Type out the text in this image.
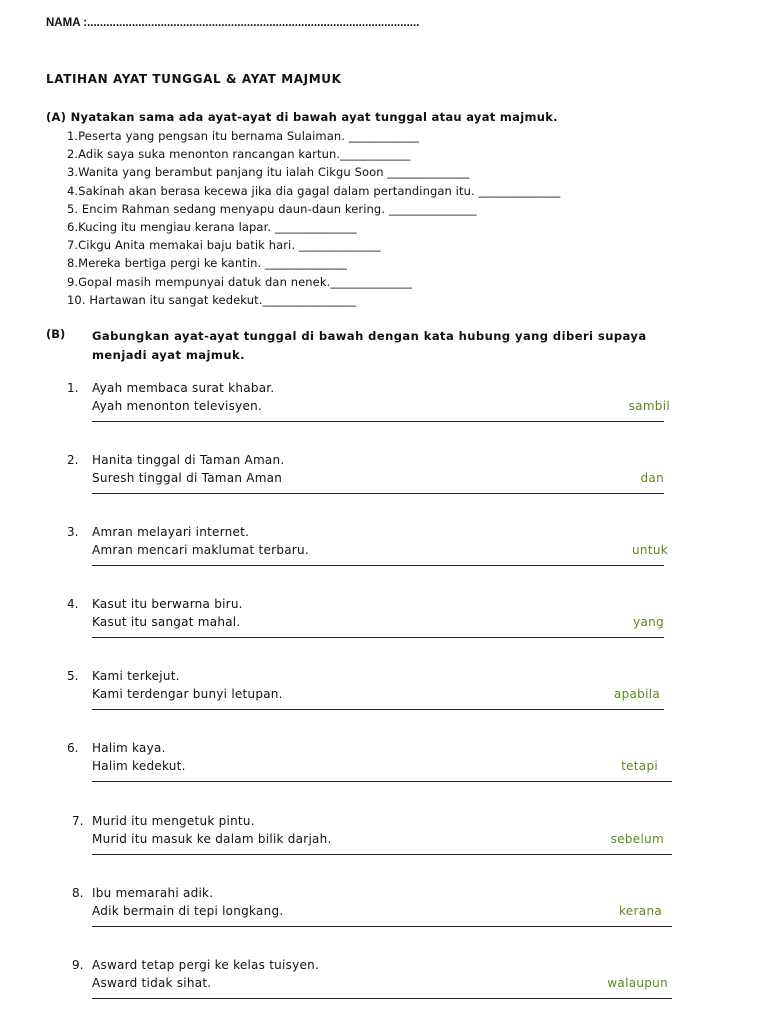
NAMA :........................................................................................................
LATIHAN AYAT TUNGGAL & AYAT MAJMUK
(A) Nyatakan sama ada ayat-ayat di bawah ayat tunggal atau ayat majmuk.
1.Peserta yang pengsan itu bernama Sulaiman. ____________
2.Adik saya suka menonton rancangan kartun.____________
3.Wanita yang berambut panjang itu ialah Cikgu Soon ______________
4.Sakinah akan berasa kecewa jika dia gagal dalam pertandingan itu. ______________
5. Encim Rahman sedang menyapu daun-daun kering. _______________
6.Kucing itu mengiau kerana lapar. ______________
7.Cikgu Anita memakai baju batik hari. ______________
8.Mereka bertiga pergi ke kantin. ______________
9.Gopal masih mempunyai datuk dan nenek.______________
10. Hartawan itu sangat kedekut.________________
(B) Gabungkan ayat-ayat tunggal di bawah dengan kata hubung yang diberi supaya menjadi ayat majmuk.
1. Ayah membaca surat khabar.
Ayah menonton televisyen.	sambil
2. Hanita tinggal di Taman Aman.
Suresh tinggal di Taman Aman	dan
3. Amran melayari internet.
Amran mencari maklumat terbaru.	untuk
4. Kasut itu berwarna biru.
Kasut itu sangat mahal.	yang
5. Kami terkejut.
Kami terdengar bunyi letupan.	apabila
6. Halim kaya.
Halim kedekut.	tetapi
7. Murid itu mengetuk pintu.
Murid itu masuk ke dalam bilik darjah.	sebelum
8. Ibu memarahi adik.
Adik bermain di tepi longkang.	kerana
9. Asward tetap pergi ke kelas tuisyen.
Asward tidak sihat.	walaupun
